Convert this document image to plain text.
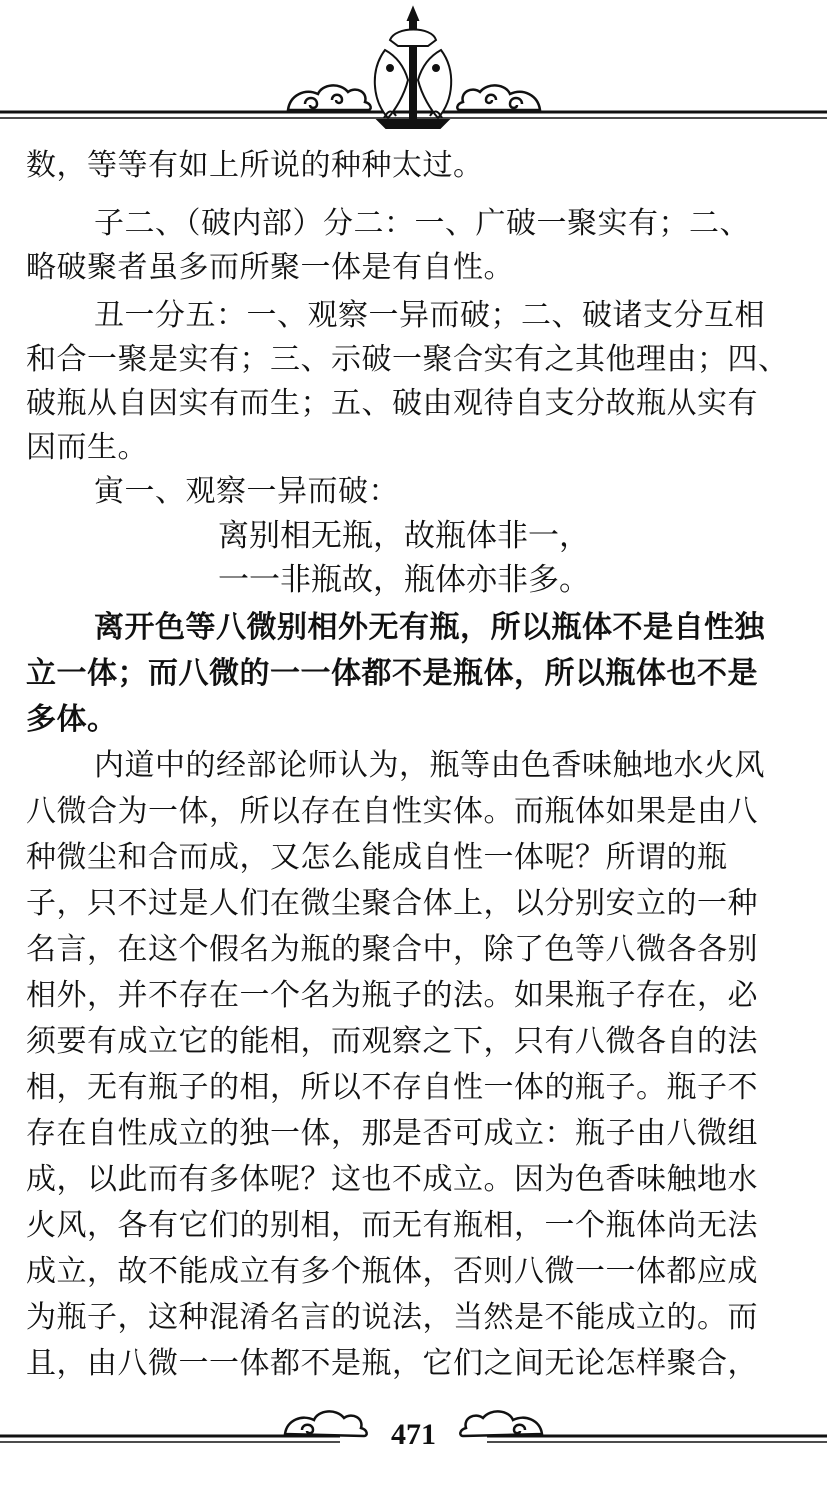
数，等等有如上所说的种种太过。
子二、（破内部）分二：一、广破一聚实有；二、
略破聚者虽多而所聚一体是有自性。
丑一分五：一、观察一异而破；二、破诸支分互相
和合一聚是实有；三、示破一聚合实有之其他理由；四、
破瓶从自因实有而生；五、破由观待自支分故瓶从实有
因而生。
寅一、观察一异而破：
离别相无瓶，故瓶体非一，
一一非瓶故，瓶体亦非多。
离开色等八微别相外无有瓶，所以瓶体不是自性独
立一体；而八微的一一体都不是瓶体，所以瓶体也不是
多体。
内道中的经部论师认为，瓶等由色香味触地水火风
八微合为一体，所以存在自性实体。而瓶体如果是由八
种微尘和合而成，又怎么能成自性一体呢？所谓的瓶
子，只不过是人们在微尘聚合体上，以分别安立的一种
名言，在这个假名为瓶的聚合中，除了色等八微各各别
相外，并不存在一个名为瓶子的法。如果瓶子存在，必
须要有成立它的能相，而观察之下，只有八微各自的法
相，无有瓶子的相，所以不存自性一体的瓶子。瓶子不
存在自性成立的独一体，那是否可成立：瓶子由八微组
成，以此而有多体呢？这也不成立。因为色香味触地水
火风，各有它们的别相，而无有瓶相，一个瓶体尚无法
成立，故不能成立有多个瓶体，否则八微一一体都应成
为瓶子，这种混淆名言的说法，当然是不能成立的。而
且，由八微一一体都不是瓶，它们之间无论怎样聚合，
471
